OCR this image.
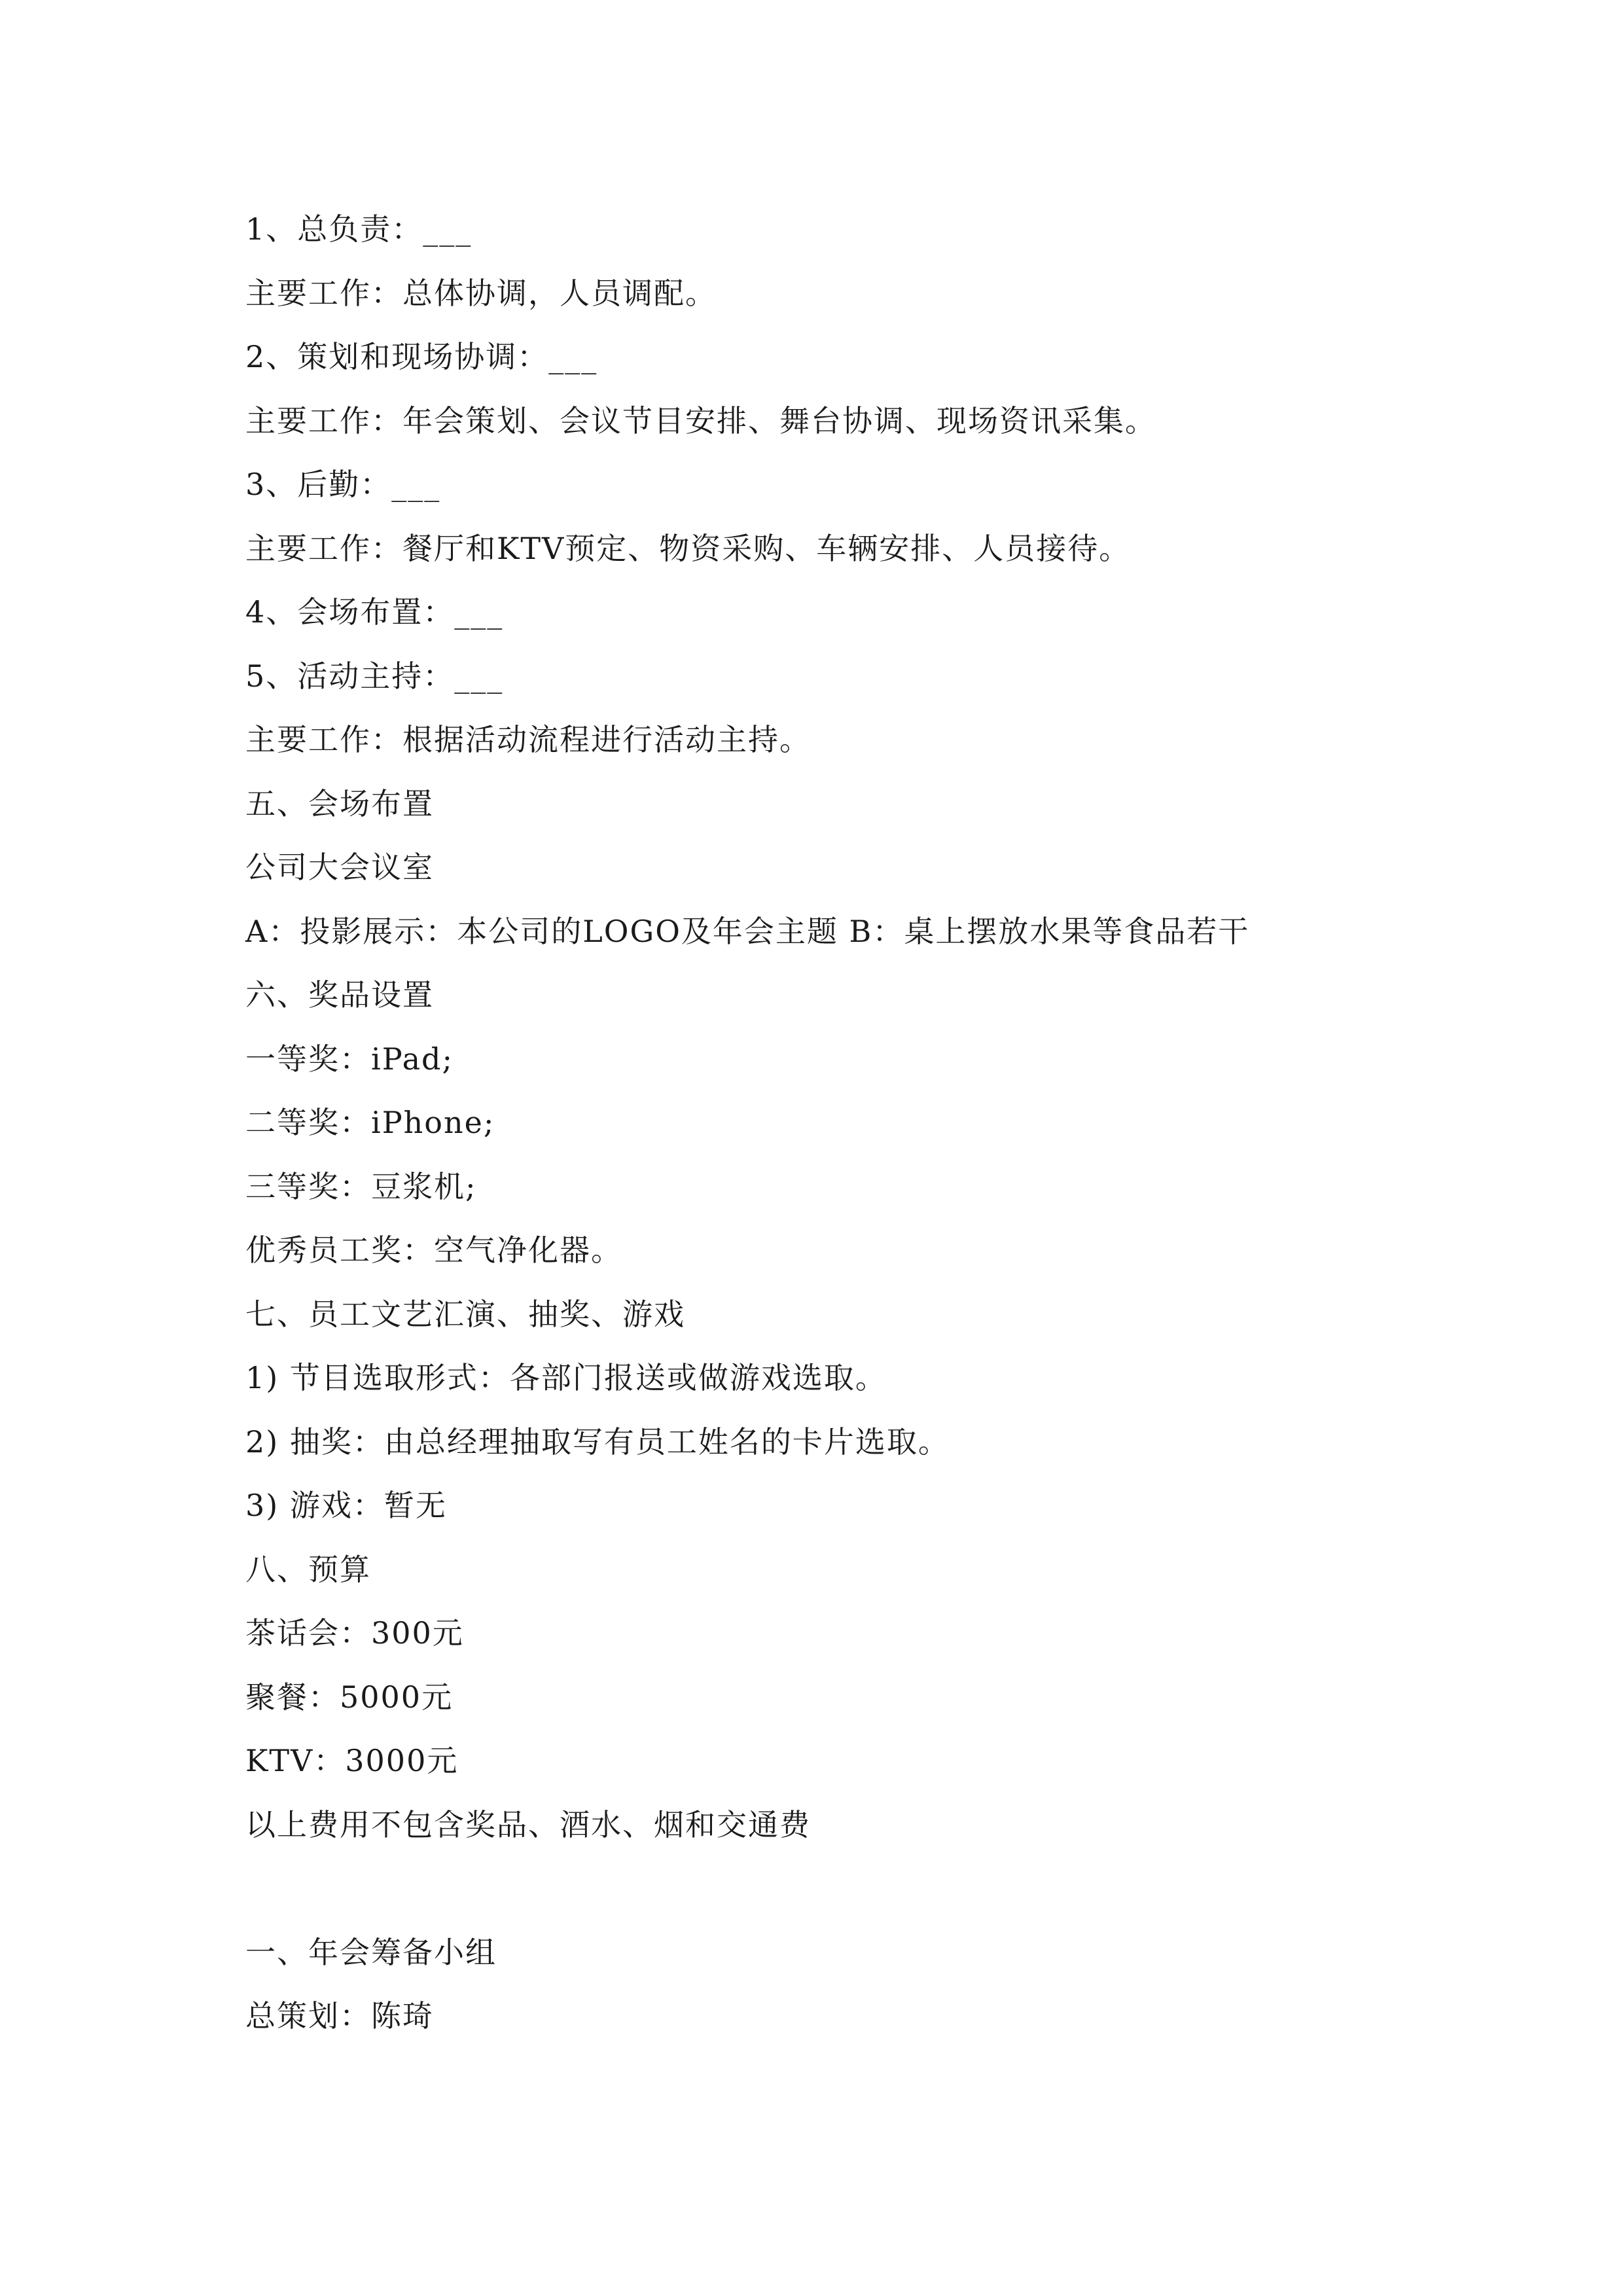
1、总负责：___
主要工作：总体协调，人员调配。
2、策划和现场协调：___
主要工作：年会策划、会议节目安排、舞台协调、现场资讯采集。
3、后勤：___
主要工作：餐厅和KTV预定、物资采购、车辆安排、人员接待。
4、会场布置：___
5、活动主持：___
主要工作：根据活动流程进行活动主持。
五、会场布置
公司大会议室
A：投影展示：本公司的LOGO及年会主题 B：桌上摆放水果等食品若干
六、奖品设置
一等奖：iPad;
二等奖：iPhone;
三等奖：豆浆机;
优秀员工奖：空气净化器。
七、员工文艺汇演、抽奖、游戏
1) 节目选取形式：各部门报送或做游戏选取。
2) 抽奖：由总经理抽取写有员工姓名的卡片选取。
3) 游戏：暂无
八、预算
茶话会：300元
聚餐：5000元
KTV：3000元
以上费用不包含奖品、酒水、烟和交通费
一、年会筹备小组
总策划：陈琦
